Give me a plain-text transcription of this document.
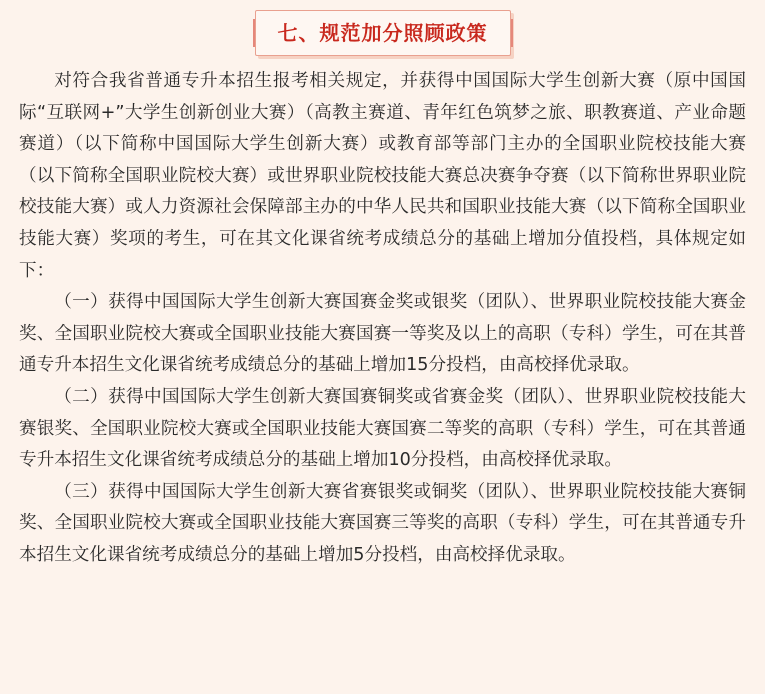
七、规范加分照顾政策

对符合我省普通专升本招生报考相关规定，并获得中国国际大学生创新大赛（原中国国际“互联网+”大学生创新创业大赛）（高教主赛道、青年红色筑梦之旅、职教赛道、产业命题赛道）（以下简称中国国际大学生创新大赛）或教育部等部门主办的全国职业院校技能大赛（以下简称全国职业院校大赛）或世界职业院校技能大赛总决赛争夺赛（以下简称世界职业院校技能大赛）或人力资源社会保障部主办的中华人民共和国职业技能大赛（以下简称全国职业技能大赛）奖项的考生，可在其文化课省统考成绩总分的基础上增加分值投档，具体规定如下：

（一）获得中国国际大学生创新大赛国赛金奖或银奖（团队）、世界职业院校技能大赛金奖、全国职业院校大赛或全国职业技能大赛国赛一等奖及以上的高职（专科）学生，可在其普通专升本招生文化课省统考成绩总分的基础上增加15分投档，由高校择优录取。

（二）获得中国国际大学生创新大赛国赛铜奖或省赛金奖（团队）、世界职业院校技能大赛银奖、全国职业院校大赛或全国职业技能大赛国赛二等奖的高职（专科）学生，可在其普通专升本招生文化课省统考成绩总分的基础上增加10分投档，由高校择优录取。

（三）获得中国国际大学生创新大赛省赛银奖或铜奖（团队）、世界职业院校技能大赛铜奖、全国职业院校大赛或全国职业技能大赛国赛三等奖的高职（专科）学生，可在其普通专升本招生文化课省统考成绩总分的基础上增加5分投档，由高校择优录取。
